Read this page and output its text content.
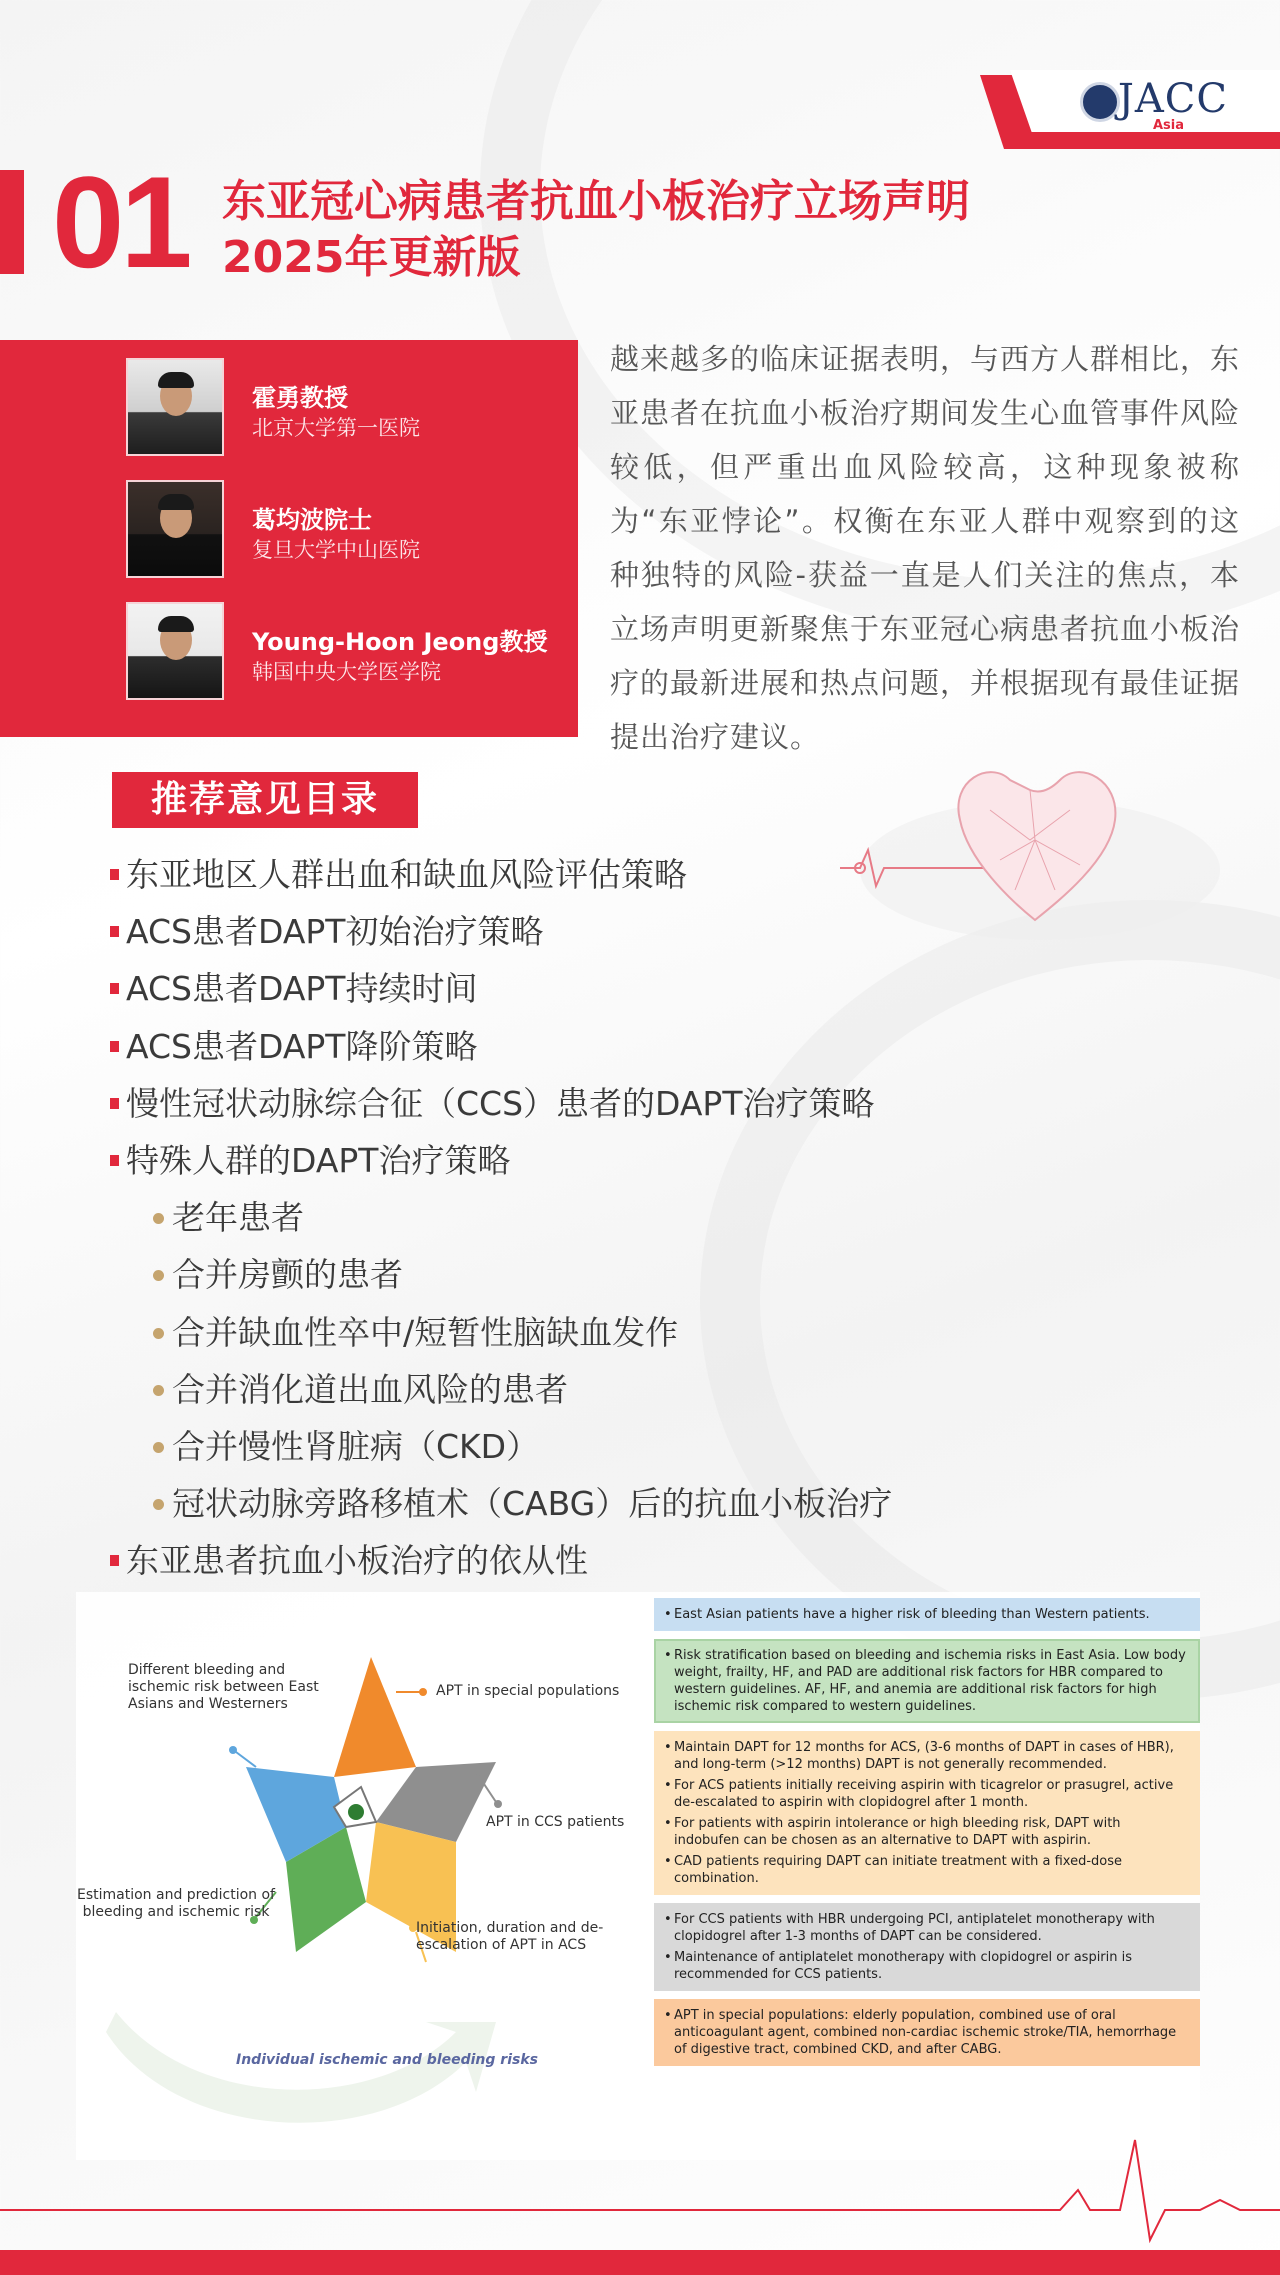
JACC
Asia
01 东亚冠心病患者抗血小板治疗立场声明
2025年更新版
霍勇教授
北京大学第一医院
葛均波院士
复旦大学中山医院
Young-Hoon Jeong教授
韩国中央大学医学院
越来越多的临床证据表明，与西方人群相比，东亚患者在抗血小板治疗期间发生心血管事件风险较低，但严重出血风险较高，这种现象被称为“东亚悖论”。权衡在东亚人群中观察到的这种独特的风险-获益一直是人们关注的焦点，本立场声明更新聚焦于东亚冠心病患者抗血小板治疗的最新进展和热点问题，并根据现有最佳证据提出治疗建议。
推荐意见目录
东亚地区人群出血和缺血风险评估策略
ACS患者DAPT初始治疗策略
ACS患者DAPT持续时间
ACS患者DAPT降阶策略
慢性冠状动脉综合征（CCS）患者的DAPT治疗策略
特殊人群的DAPT治疗策略
老年患者
合并房颤的患者
合并缺血性卒中/短暂性脑缺血发作
合并消化道出血风险的患者
合并慢性肾脏病（CKD）
冠状动脉旁路移植术（CABG）后的抗血小板治疗
东亚患者抗血小板治疗的依从性
Different bleeding and ischemic risk between East Asians and Westerners
APT in special populations
APT in CCS patients
Initiation, duration and de-escalation of APT in ACS
Estimation and prediction of bleeding and ischemic risk
Individual ischemic and bleeding risks
• East Asian patients have a higher risk of bleeding than Western patients.
• Risk stratification based on bleeding and ischemia risks in East Asia. Low body weight, frailty, HF, and PAD are additional risk factors for HBR compared to western guidelines. AF, HF, and anemia are additional risk factors for high ischemic risk compared to western guidelines.
• Maintain DAPT for 12 months for ACS, (3-6 months of DAPT in cases of HBR), and long-term (>12 months) DAPT is not generally recommended.
• For ACS patients initially receiving aspirin with ticagrelor or prasugrel, active de-escalated to aspirin with clopidogrel after 1 month.
• For patients with aspirin intolerance or high bleeding risk, DAPT with indobufen can be chosen as an alternative to DAPT with aspirin.
• CAD patients requiring DAPT can initiate treatment with a fixed-dose combination.
• For CCS patients with HBR undergoing PCI, antiplatelet monotherapy with clopidogrel after 1-3 months of DAPT can be considered.
• Maintenance of antiplatelet monotherapy with clopidogrel or aspirin is recommended for CCS patients.
• APT in special populations: elderly population, combined use of oral anticoagulant agent, combined non-cardiac ischemic stroke/TIA, hemorrhage of digestive tract, combined CKD, and after CABG.
